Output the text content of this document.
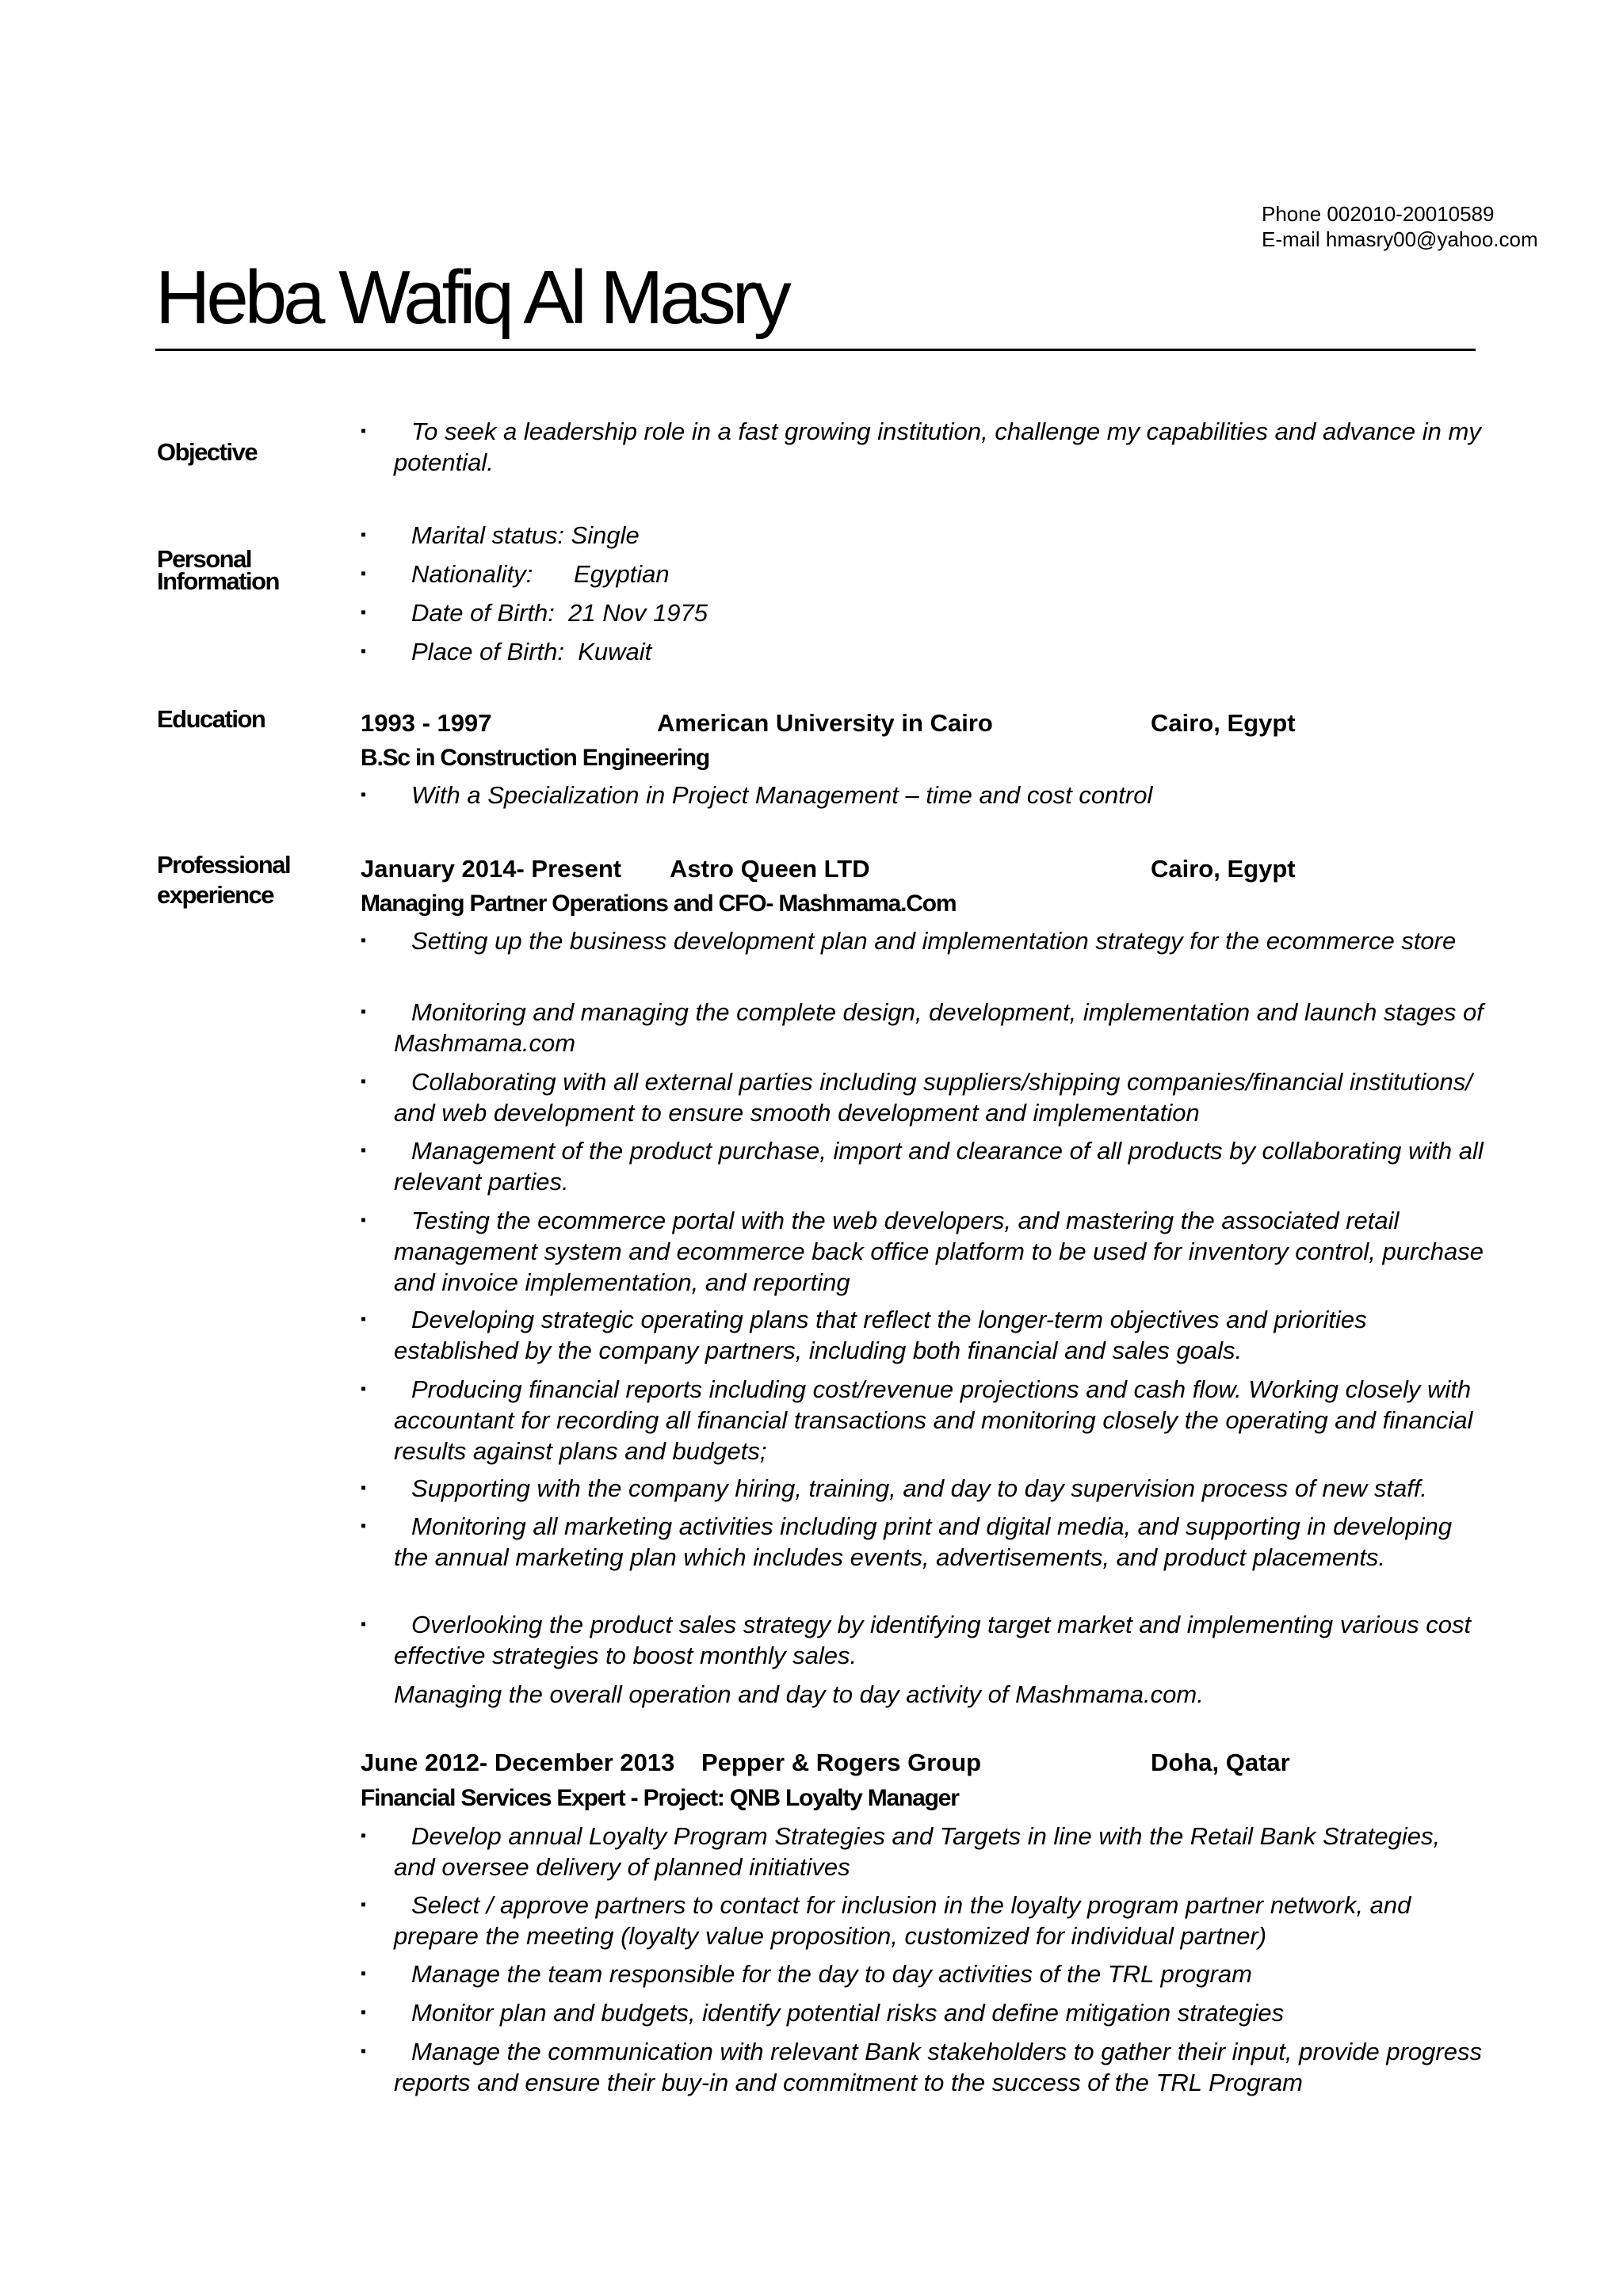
Phone 002010-20010589
E-mail hmasry00@yahoo.com
Heba Wafiq Al Masry
Objective
▪	To seek a leadership role in a fast growing institution, challenge my capabilities and advance in my potential.
Personal
Information
▪	Marital status: Single
▪	Nationality:      Egyptian
▪	Date of Birth:  21 Nov 1975
▪	Place of Birth:  Kuwait
Education	1993 - 1997	American University in Cairo	Cairo, Egypt
B.Sc in Construction Engineering
▪	With a Specialization in Project Management – time and cost control
Professional
experience
January 2014- Present Astro Queen LTD	Cairo, Egypt
Managing Partner Operations and CFO- Mashmama.Com
▪	Setting up the business development plan and implementation strategy for the ecommerce store
▪	Monitoring and managing the complete design, development, implementation and launch stages of Mashmama.com
▪	Collaborating with all external parties including suppliers/shipping companies/financial institutions/ and web development to ensure smooth development and implementation
▪	Management of the product purchase, import and clearance of all products by collaborating with all relevant parties.
▪	Testing the ecommerce portal with the web developers, and mastering the associated retail management system and ecommerce back office platform to be used for inventory control, purchase and invoice implementation, and reporting
▪	Developing strategic operating plans that reflect the longer-term objectives and priorities established by the company partners, including both financial and sales goals.
▪	Producing financial reports including cost/revenue projections and cash flow. Working closely with accountant for recording all financial transactions and monitoring closely the operating and financial results against plans and budgets;
▪	Supporting with the company hiring, training, and day to day supervision process of new staff.
▪	Monitoring all marketing activities including print and digital media, and supporting in developing the annual marketing plan which includes events, advertisements, and product placements.
▪	Overlooking the product sales strategy by identifying target market and implementing various cost effective strategies to boost monthly sales.
Managing the overall operation and day to day activity of Mashmama.com.
June 2012- December 2013 Pepper & Rogers Group	Doha, Qatar
Financial Services Expert - Project: QNB Loyalty Manager
▪	Develop annual Loyalty Program Strategies and Targets in line with the Retail Bank Strategies, and oversee delivery of planned initiatives
▪	Select / approve partners to contact for inclusion in the loyalty program partner network, and prepare the meeting (loyalty value proposition, customized for individual partner)
▪	Manage the team responsible for the day to day activities of the TRL program
▪	Monitor plan and budgets, identify potential risks and define mitigation strategies
▪	Manage the communication with relevant Bank stakeholders to gather their input, provide progress reports and ensure their buy-in and commitment to the success of the TRL Program
